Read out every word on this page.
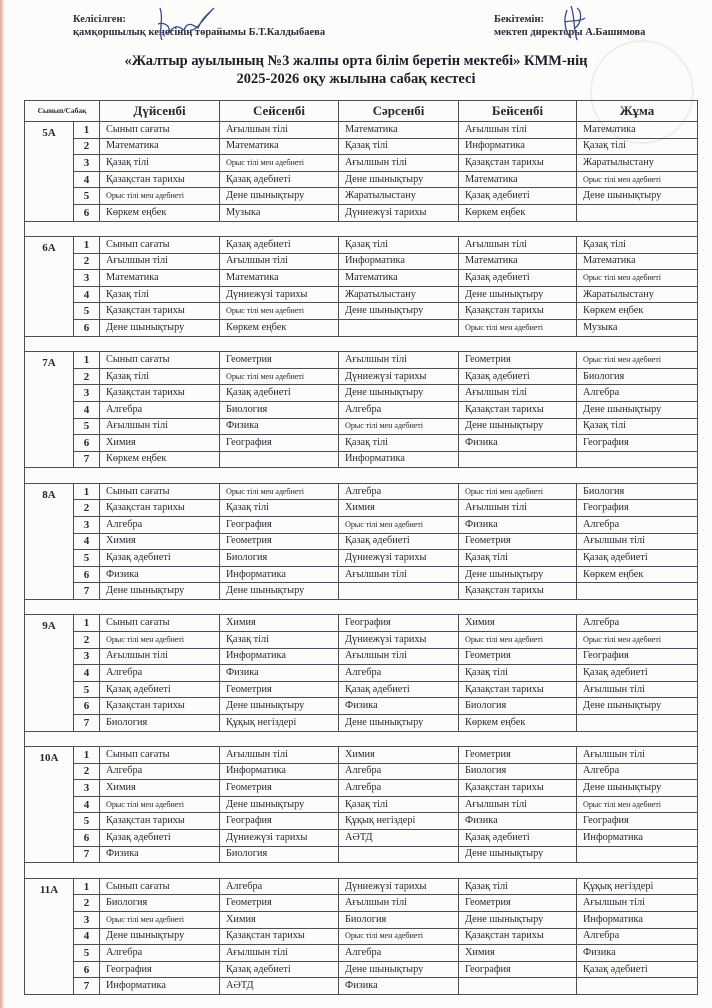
Келісілген:
қамқоршылық кеңесінің төрайымы Б.Т.Калдыбаева
Бекітемін:
мектеп директоры А.Башимова
«Жалтыр ауылының №3 жалпы орта білім беретін мектебі» КММ-нің
2025-2026 оқу жылына сабақ кестесі
Сынып/Сабақ		Дүйсенбі	Сейсенбі	Сәрсенбі	Бейсенбі	Жұма
5А	1	Сынып сағаты	Ағылшын тілі	Математика	Ағылшын тілі	Математика
	2	Математика	Математика	Қазақ тілі	Информатика	Қазақ тілі
	3	Қазақ тілі	Орыс тілі мен әдебиеті	Ағылшын тілі	Қазақстан тарихы	Жаратылыстану
	4	Қазақстан тарихы	Қазақ әдебиеті	Дене шынықтыру	Математика	Орыс тілі мен әдебиеті
	5	Орыс тілі мен әдебиеті	Дене шынықтыру	Жаратылыстану	Қазақ әдебиеті	Дене шынықтыру
	6	Көркем еңбек	Музыка	Дүниежүзі тарихы	Көркем еңбек	

6А	1	Сынып сағаты	Қазақ әдебиеті	Қазақ тілі	Ағылшын тілі	Қазақ тілі
	2	Ағылшын тілі	Ағылшын тілі	Информатика	Математика	Математика
	3	Математика	Математика	Математика	Қазақ әдебиеті	Орыс тілі мен әдебиеті
	4	Қазақ тілі	Дүниежүзі тарихы	Жаратылыстану	Дене шынықтыру	Жаратылыстану
	5	Қазақстан тарихы	Орыс тілі мен әдебиеті	Дене шынықтыру	Қазақстан тарихы	Көркем еңбек
	6	Дене шынықтыру	Көркем еңбек		Орыс тілі мен әдебиеті	Музыка

7А	1	Сынып сағаты	Геометрия	Ағылшын тілі	Геометрия	Орыс тілі мен әдебиеті
	2	Қазақ тілі	Орыс тілі мен әдебиеті	Дүниежүзі тарихы	Қазақ әдебиеті	Биология
	3	Қазақстан тарихы	Қазақ әдебиеті	Дене шынықтыру	Ағылшын тілі	Алгебра
	4	Алгебра	Биология	Алгебра	Қазақстан тарихы	Дене шынықтыру
	5	Ағылшын тілі	Физика	Орыс тілі мен әдебиеті	Дене шынықтыру	Қазақ тілі
	6	Химия	География	Қазақ тілі	Физика	География
	7	Көркем еңбек		Информатика		

8А	1	Сынып сағаты	Орыс тілі мен әдебиеті	Алгебра	Орыс тілі мен әдебиеті	Биология
	2	Қазақстан тарихы	Қазақ тілі	Химия	Ағылшын тілі	География
	3	Алгебра	География	Орыс тілі мен әдебиеті	Физика	Алгебра
	4	Химия	Геометрия	Қазақ әдебиеті	Геометрия	Ағылшын тілі
	5	Қазақ әдебиеті	Биология	Дүниежүзі тарихы	Қазақ тілі	Қазақ әдебиеті
	6	Физика	Информатика	Ағылшын тілі	Дене шынықтыру	Көркем еңбек
	7	Дене шынықтыру	Дене шынықтыру		Қазақстан тарихы	

9А	1	Сынып сағаты	Химия	География	Химия	Алгебра
	2	Орыс тілі мен әдебиеті	Қазақ тілі	Дүниежүзі тарихы	Орыс тілі мен әдебиеті	Орыс тілі мен әдебиеті
	3	Ағылшын тілі	Информатика	Ағылшын тілі	Геометрия	География
	4	Алгебра	Физика	Алгебра	Қазақ тілі	Қазақ әдебиеті
	5	Қазақ әдебиеті	Геометрия	Қазақ әдебиеті	Қазақстан тарихы	Ағылшын тілі
	6	Қазақстан тарихы	Дене шынықтыру	Физика	Биология	Дене шынықтыру
	7	Биология	Құқық негіздері	Дене шынықтыру	Көркем еңбек	

10А	1	Сынып сағаты	Ағылшын тілі	Химия	Геометрия	Ағылшын тілі
	2	Алгебра	Информатика	Алгебра	Биология	Алгебра
	3	Химия	Геометрия	Алгебра	Қазақстан тарихы	Дене шынықтыру
	4	Орыс тілі мен әдебиеті	Дене шынықтыру	Қазақ тілі	Ағылшын тілі	Орыс тілі мен әдебиеті
	5	Қазақстан тарихы	География	Құқық негіздері	Физика	География
	6	Қазақ әдебиеті	Дүниежүзі тарихы	АӘТД	Қазақ әдебиеті	Информатика
	7	Физика	Биология		Дене шынықтыру	

11А	1	Сынып сағаты	Алгебра	Дүниежүзі тарихы	Қазақ тілі	Құқық негіздері
	2	Биология	Геометрия	Ағылшын тілі	Геометрия	Ағылшын тілі
	3	Орыс тілі мен әдебиеті	Химия	Биология	Дене шынықтыру	Информатика
	4	Дене шынықтыру	Қазақстан тарихы	Орыс тілі мен әдебиеті	Қазақстан тарихы	Алгебра
	5	Алгебра	Ағылшын тілі	Алгебра	Химия	Физика
	6	География	Қазақ әдебиеті	Дене шынықтыру	География	Қазақ әдебиеті
	7	Информатика	АӘТД	Физика		
